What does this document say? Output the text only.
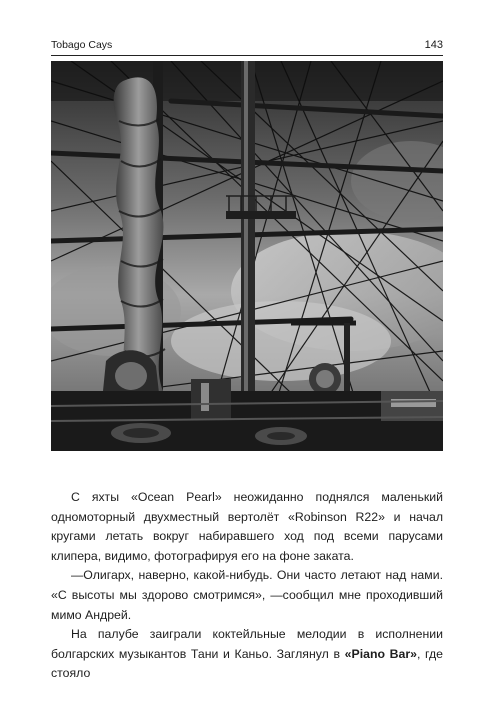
Tobago Cays	143

С яхты «Ocean Pearl» неожиданно поднялся маленький одномоторный двухместный вертолёт «Robinson R22» и начал кругами летать вокруг набиравшего ход под всеми парусами клипера, видимо, фотографируя его на фоне заката.

—Олигарх, наверно, какой-нибудь. Они часто летают над нами. «С высоты мы здорово смотримся», —сообщил мне проходивший мимо Андрей.

На палубе заиграли коктейльные мелодии в исполнении болгарских музыкантов Тани и Каньо. Заглянул в «Piano Bar», где стояло
